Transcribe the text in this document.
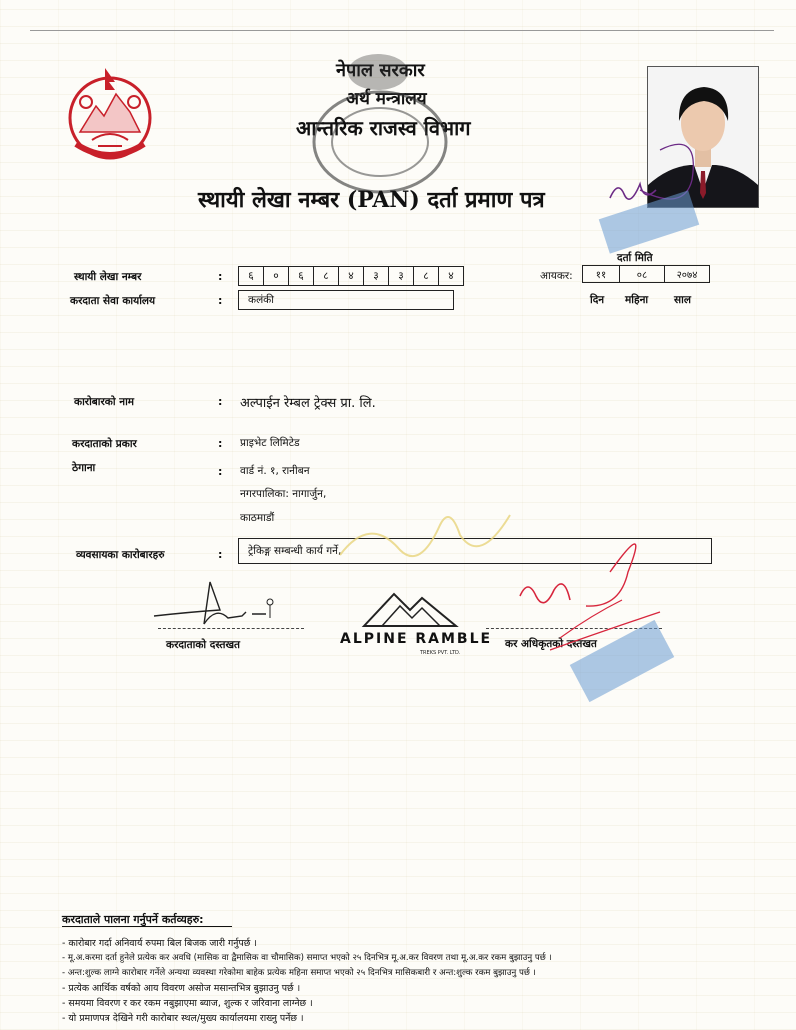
नेपाल सरकार
अर्थ मन्त्रालय
आन्तरिक राजस्व विभाग
स्थायी लेखा नम्बर (PAN) दर्ता प्रमाण पत्र
स्थायी लेखा नम्बर	:	६	०	६	८	४	३	३	८	४
करदाता सेवा कार्यालय	: कलंकी
दर्ता मिति
आयकर:	११	०८	२०७४
दिन महिना साल
कारोबारको नाम	: अल्पाईन रेम्बल ट्रेक्स प्रा. लि.
करदाताको प्रकार	: प्राइभेट लिमिटेड
ठेगाना	: वार्ड नं. १, रानीबन
नगरपालिका: नागार्जुन,
काठमाडौं
व्यवसायका कारोबारहरु	: ट्रेकिङ्ग सम्बन्धी कार्य गर्ने,
करदाताको दस्तखत	ALPINE RAMBLE
TREKS PVT. LTD.
कर अधिकृतको दस्तखत
करदाताले पालना गर्नुपर्ने कर्तव्यहरु:
- कारोबार गर्दा अनिवार्य रुपमा बिल बिजक जारी गर्नुपर्छ ।
- मू.अ.करमा दर्ता हुनेले प्रत्येक कर अवधि (मासिक वा द्वैमासिक वा चौमासिक) समाप्त भएको २५ दिनभित्र मू.अ.कर विवरण तथा मू.अ.कर रकम बुझाउनु पर्छ ।
- अन्त:शुल्क लाग्ने कारोबार गर्नेले अन्यथा व्यवस्था गरेकोमा बाहेक प्रत्येक महिना समाप्त भएको २५ दिनभित्र मासिकबारी र अन्त:शुल्क रकम बुझाउनु पर्छ ।
- प्रत्येक आर्थिक वर्षको आय विवरण असोज मसान्तभित्र बुझाउनु पर्छ ।
- समयमा विवरण र कर रकम नबुझाएमा ब्याज, शुल्क र जरिवाना लाग्नेछ ।
- यो प्रमाणपत्र देखिने गरी कारोबार स्थल/मुख्य कार्यालयमा राख्नु पर्नेछ ।
